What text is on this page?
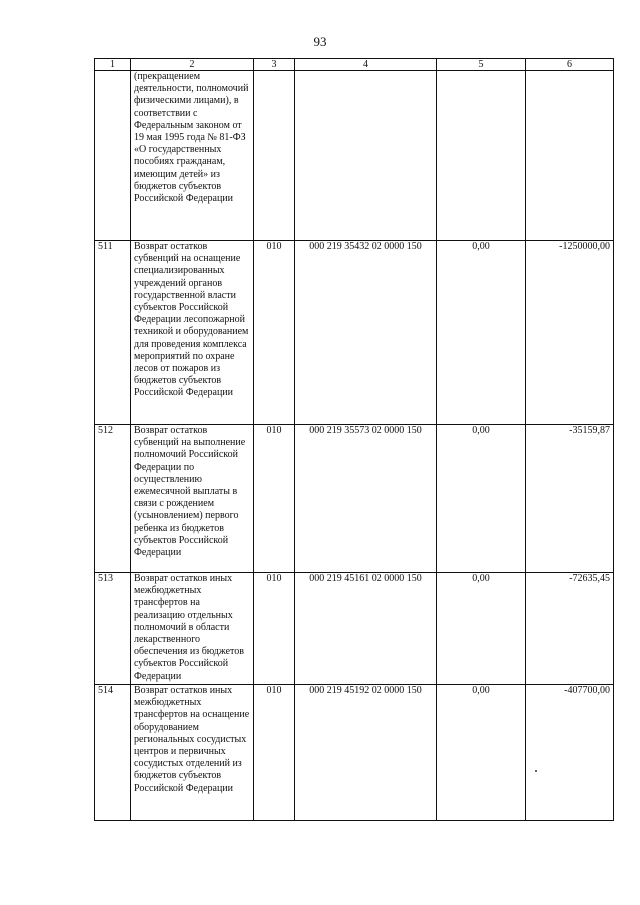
93
1	2	3	4	5	6
	(прекращением деятельности, полномочий физическими лицами), в соответствии с Федеральным законом от 19 мая 1995 года № 81-ФЗ «О государственных пособиях гражданам, имеющим детей» из бюджетов субъектов Российской Федерации				
511	Возврат остатков субвенций на оснащение специализированных учреждений органов государственной власти субъектов Российской Федерации лесопожарной техникой и оборудованием для проведения комплекса мероприятий по охране лесов от пожаров из бюджетов субъектов Российской Федерации	010	000 219 35432 02 0000 150	0,00	-1250000,00
512	Возврат остатков субвенций на выполнение полномочий Российской Федерации по осуществлению ежемесячной выплаты в связи с рождением (усыновлением) первого ребенка из бюджетов субъектов Российской Федерации	010	000 219 35573 02 0000 150	0,00	-35159,87
513	Возврат остатков иных межбюджетных трансфертов на реализацию отдельных полномочий в области лекарственного обеспечения из бюджетов субъектов Российской Федерации	010	000 219 45161 02 0000 150	0,00	-72635,45
514	Возврат остатков иных межбюджетных трансфертов на оснащение оборудованием региональных сосудистых центров и первичных сосудистых отделений из бюджетов субъектов Российской Федерации	010	000 219 45192 02 0000 150	0,00	-407700,00
